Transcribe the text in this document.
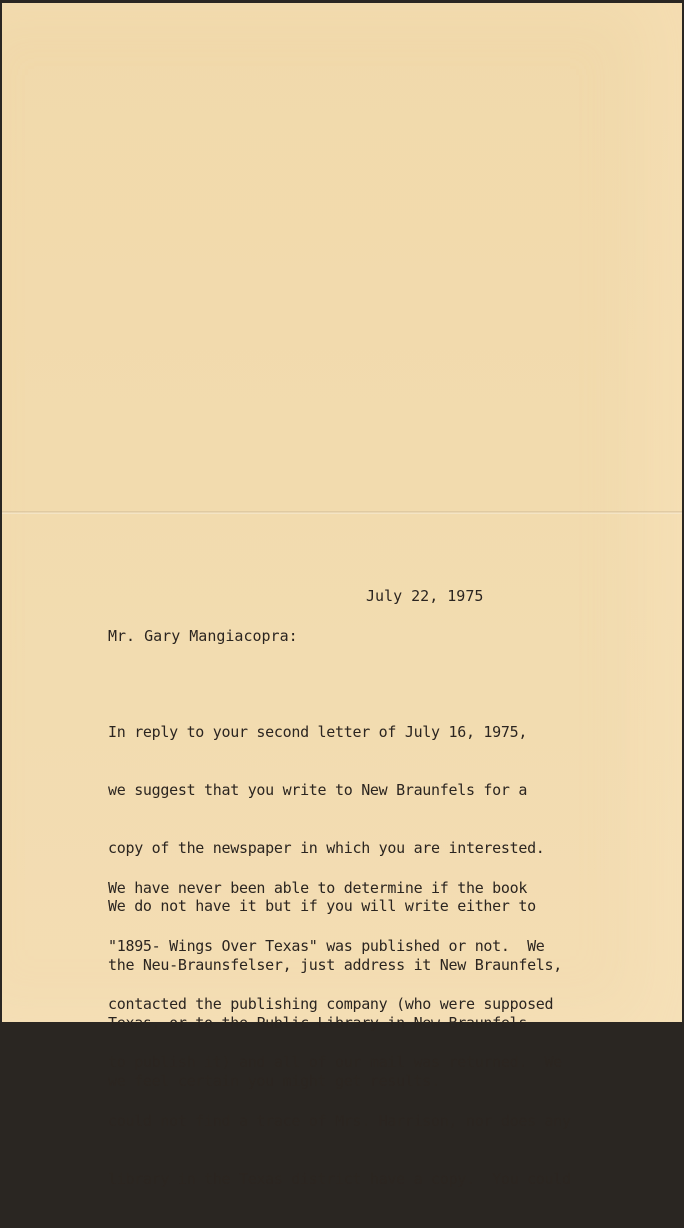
July 22, 1975
Mr. Gary Mangiacopra:

In reply to your second letter of July 16, 1975,

we suggest that you write to New Braunfels for a

copy of the newspaper in which you are interested.

We do not have it but if you will write either to

the Neu-Braunsfelser, just address it New Braunfels,

Texas, or to the Public Library in New Braunfels

we feel certain you might get results.

We have never been able to determine if the book

"1895- Wings Over Texas" was published or not.  We

contacted the publishing company (who were supposed

to publish it) and all of our mail was returned.  We

could not find a trace of Mrs. Harrison, nor does any

library in the Texas district have a copy.  You could
